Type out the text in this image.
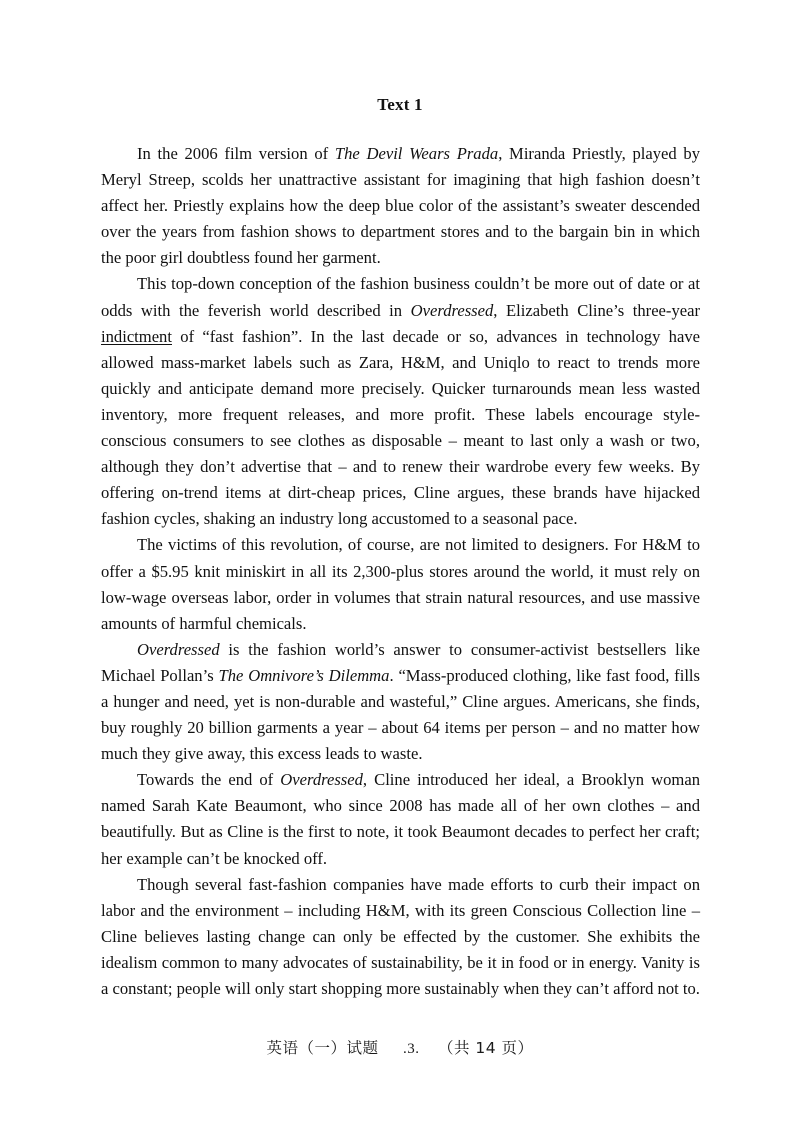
Text 1

In the 2006 film version of The Devil Wears Prada, Miranda Priestly, played by Meryl Streep, scolds her unattractive assistant for imagining that high fashion doesn’t affect her. Priestly explains how the deep blue color of the assistant’s sweater descended over the years from fashion shows to department stores and to the bargain bin in which the poor girl doubtless found her garment.

This top-down conception of the fashion business couldn’t be more out of date or at odds with the feverish world described in Overdressed, Elizabeth Cline’s three-year indictment of “fast fashion”. In the last decade or so, advances in technology have allowed mass-market labels such as Zara, H&M, and Uniqlo to react to trends more quickly and anticipate demand more precisely. Quicker turnarounds mean less wasted inventory, more frequent releases, and more profit. These labels encourage style-conscious consumers to see clothes as disposable – meant to last only a wash or two, although they don’t advertise that – and to renew their wardrobe every few weeks. By offering on-trend items at dirt-cheap prices, Cline argues, these brands have hijacked fashion cycles, shaking an industry long accustomed to a seasonal pace.

The victims of this revolution, of course, are not limited to designers. For H&M to offer a $5.95 knit miniskirt in all its 2,300-plus stores around the world, it must rely on low-wage overseas labor, order in volumes that strain natural resources, and use massive amounts of harmful chemicals.

Overdressed is the fashion world’s answer to consumer-activist bestsellers like Michael Pollan’s The Omnivore’s Dilemma. “Mass-produced clothing, like fast food, fills a hunger and need, yet is non-durable and wasteful,” Cline argues. Americans, she finds, buy roughly 20 billion garments a year – about 64 items per person – and no matter how much they give away, this excess leads to waste.

Towards the end of Overdressed, Cline introduced her ideal, a Brooklyn woman named Sarah Kate Beaumont, who since 2008 has made all of her own clothes – and beautifully. But as Cline is the first to note, it took Beaumont decades to perfect her craft; her example can’t be knocked off.

Though several fast-fashion companies have made efforts to curb their impact on labor and the environment – including H&M, with its green Conscious Collection line – Cline believes lasting change can only be effected by the customer. She exhibits the idealism common to many advocates of sustainability, be it in food or in energy. Vanity is a constant; people will only start shopping more sustainably when they can’t afford not to.

英语（一）试题 .3. （共 14 页）
